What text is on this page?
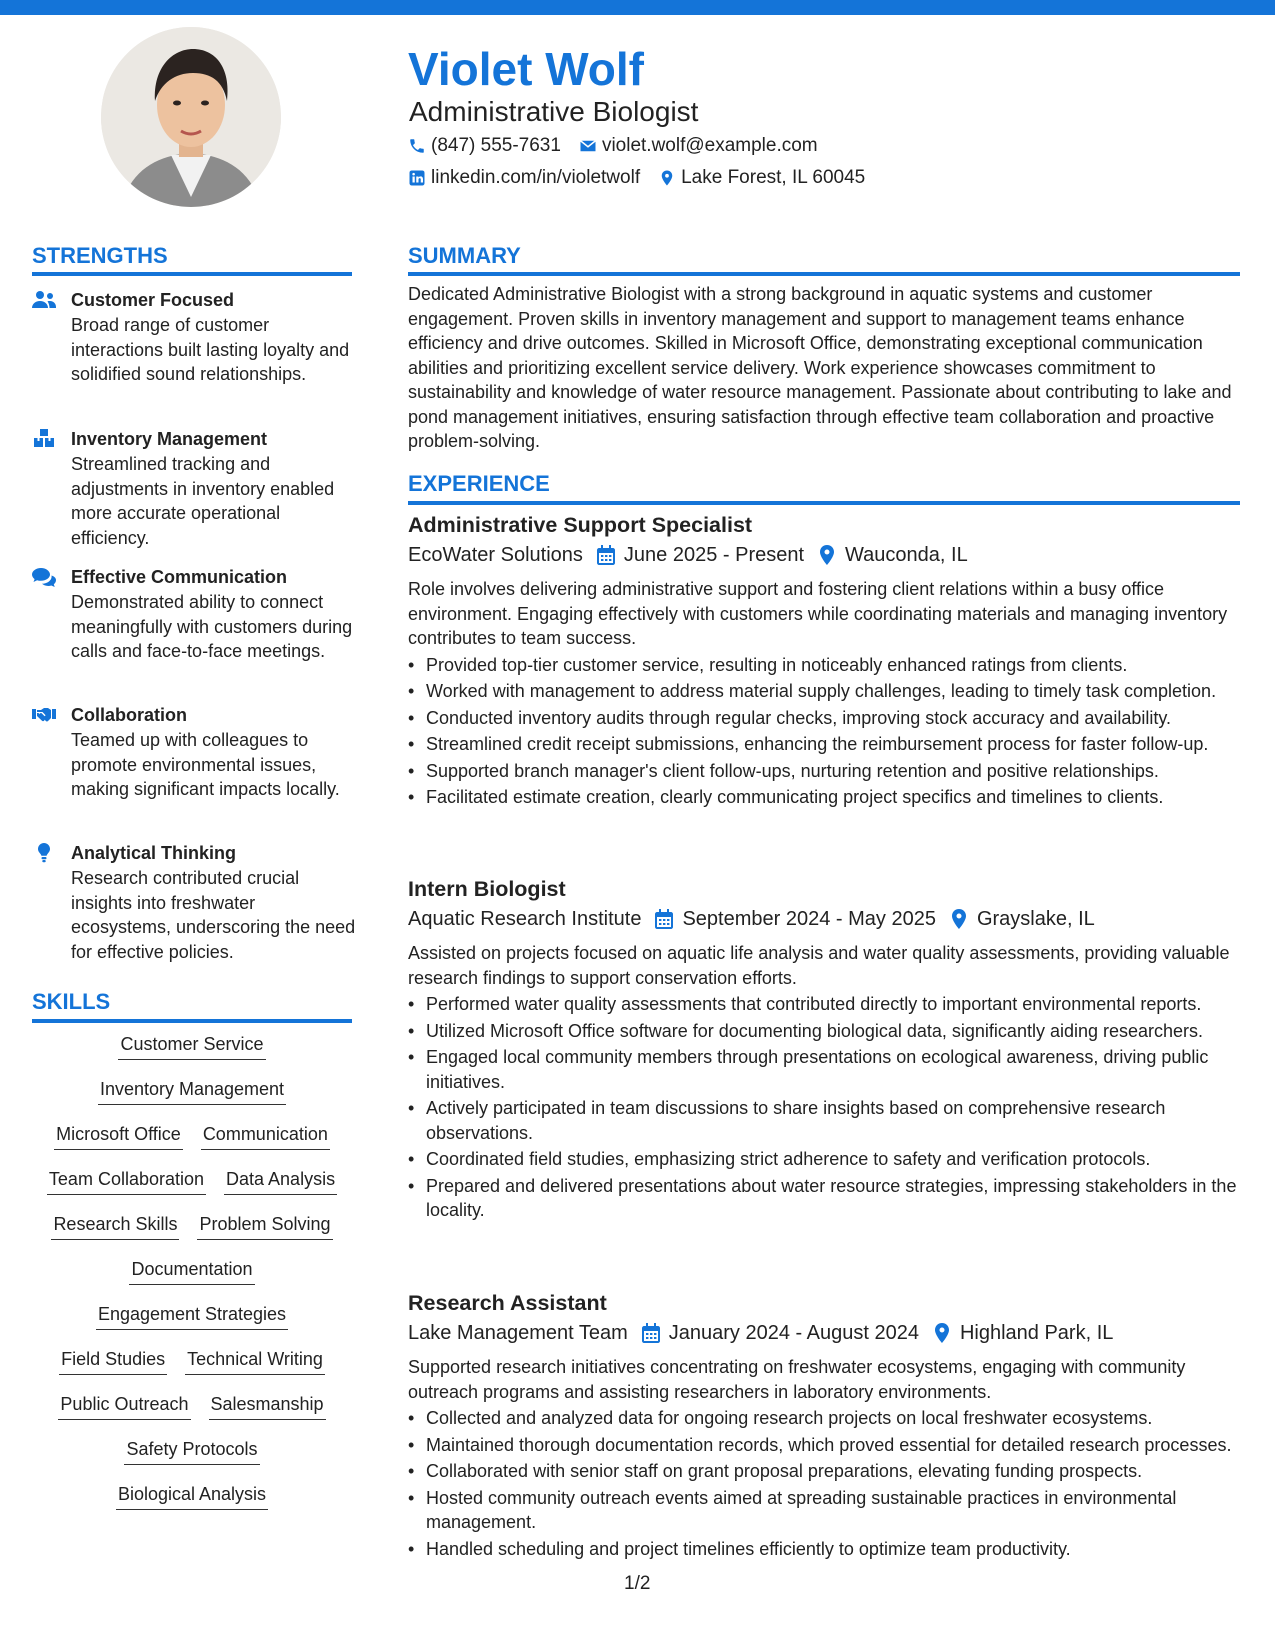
Violet Wolf
Administrative Biologist
(847) 555-7631 violet.wolf@example.com
linkedin.com/in/violetwolf Lake Forest, IL 60045
STRENGTHS
Customer Focused
Broad range of customer interactions built lasting loyalty and solidified sound relationships.
Inventory Management
Streamlined tracking and adjustments in inventory enabled more accurate operational efficiency.
Effective Communication
Demonstrated ability to connect meaningfully with customers during calls and face-to-face meetings.
Collaboration
Teamed up with colleagues to promote environmental issues, making significant impacts locally.
Analytical Thinking
Research contributed crucial insights into freshwater ecosystems, underscoring the need for effective policies.
SKILLS
Customer Service
Inventory Management
Microsoft Office Communication
Team Collaboration Data Analysis
Research Skills Problem Solving
Documentation
Engagement Strategies
Field Studies Technical Writing
Public Outreach Salesmanship
Safety Protocols
Biological Analysis
SUMMARY
Dedicated Administrative Biologist with a strong background in aquatic systems and customer engagement. Proven skills in inventory management and support to management teams enhance efficiency and drive outcomes. Skilled in Microsoft Office, demonstrating exceptional communication abilities and prioritizing excellent service delivery. Work experience showcases commitment to sustainability and knowledge of water resource management. Passionate about contributing to lake and pond management initiatives, ensuring satisfaction through effective team collaboration and proactive problem-solving.
EXPERIENCE
Administrative Support Specialist
EcoWater Solutions June 2025 - Present Wauconda, IL
Role involves delivering administrative support and fostering client relations within a busy office environment. Engaging effectively with customers while coordinating materials and managing inventory contributes to team success.
• Provided top-tier customer service, resulting in noticeably enhanced ratings from clients.
• Worked with management to address material supply challenges, leading to timely task completion.
• Conducted inventory audits through regular checks, improving stock accuracy and availability.
• Streamlined credit receipt submissions, enhancing the reimbursement process for faster follow-up.
• Supported branch manager's client follow-ups, nurturing retention and positive relationships.
• Facilitated estimate creation, clearly communicating project specifics and timelines to clients.
Intern Biologist
Aquatic Research Institute September 2024 - May 2025 Grayslake, IL
Assisted on projects focused on aquatic life analysis and water quality assessments, providing valuable research findings to support conservation efforts.
• Performed water quality assessments that contributed directly to important environmental reports.
• Utilized Microsoft Office software for documenting biological data, significantly aiding researchers.
• Engaged local community members through presentations on ecological awareness, driving public initiatives.
• Actively participated in team discussions to share insights based on comprehensive research observations.
• Coordinated field studies, emphasizing strict adherence to safety and verification protocols.
• Prepared and delivered presentations about water resource strategies, impressing stakeholders in the locality.
Research Assistant
Lake Management Team January 2024 - August 2024 Highland Park, IL
Supported research initiatives concentrating on freshwater ecosystems, engaging with community outreach programs and assisting researchers in laboratory environments.
• Collected and analyzed data for ongoing research projects on local freshwater ecosystems.
• Maintained thorough documentation records, which proved essential for detailed research processes.
• Collaborated with senior staff on grant proposal preparations, elevating funding prospects.
• Hosted community outreach events aimed at spreading sustainable practices in environmental management.
• Handled scheduling and project timelines efficiently to optimize team productivity.
1/2
